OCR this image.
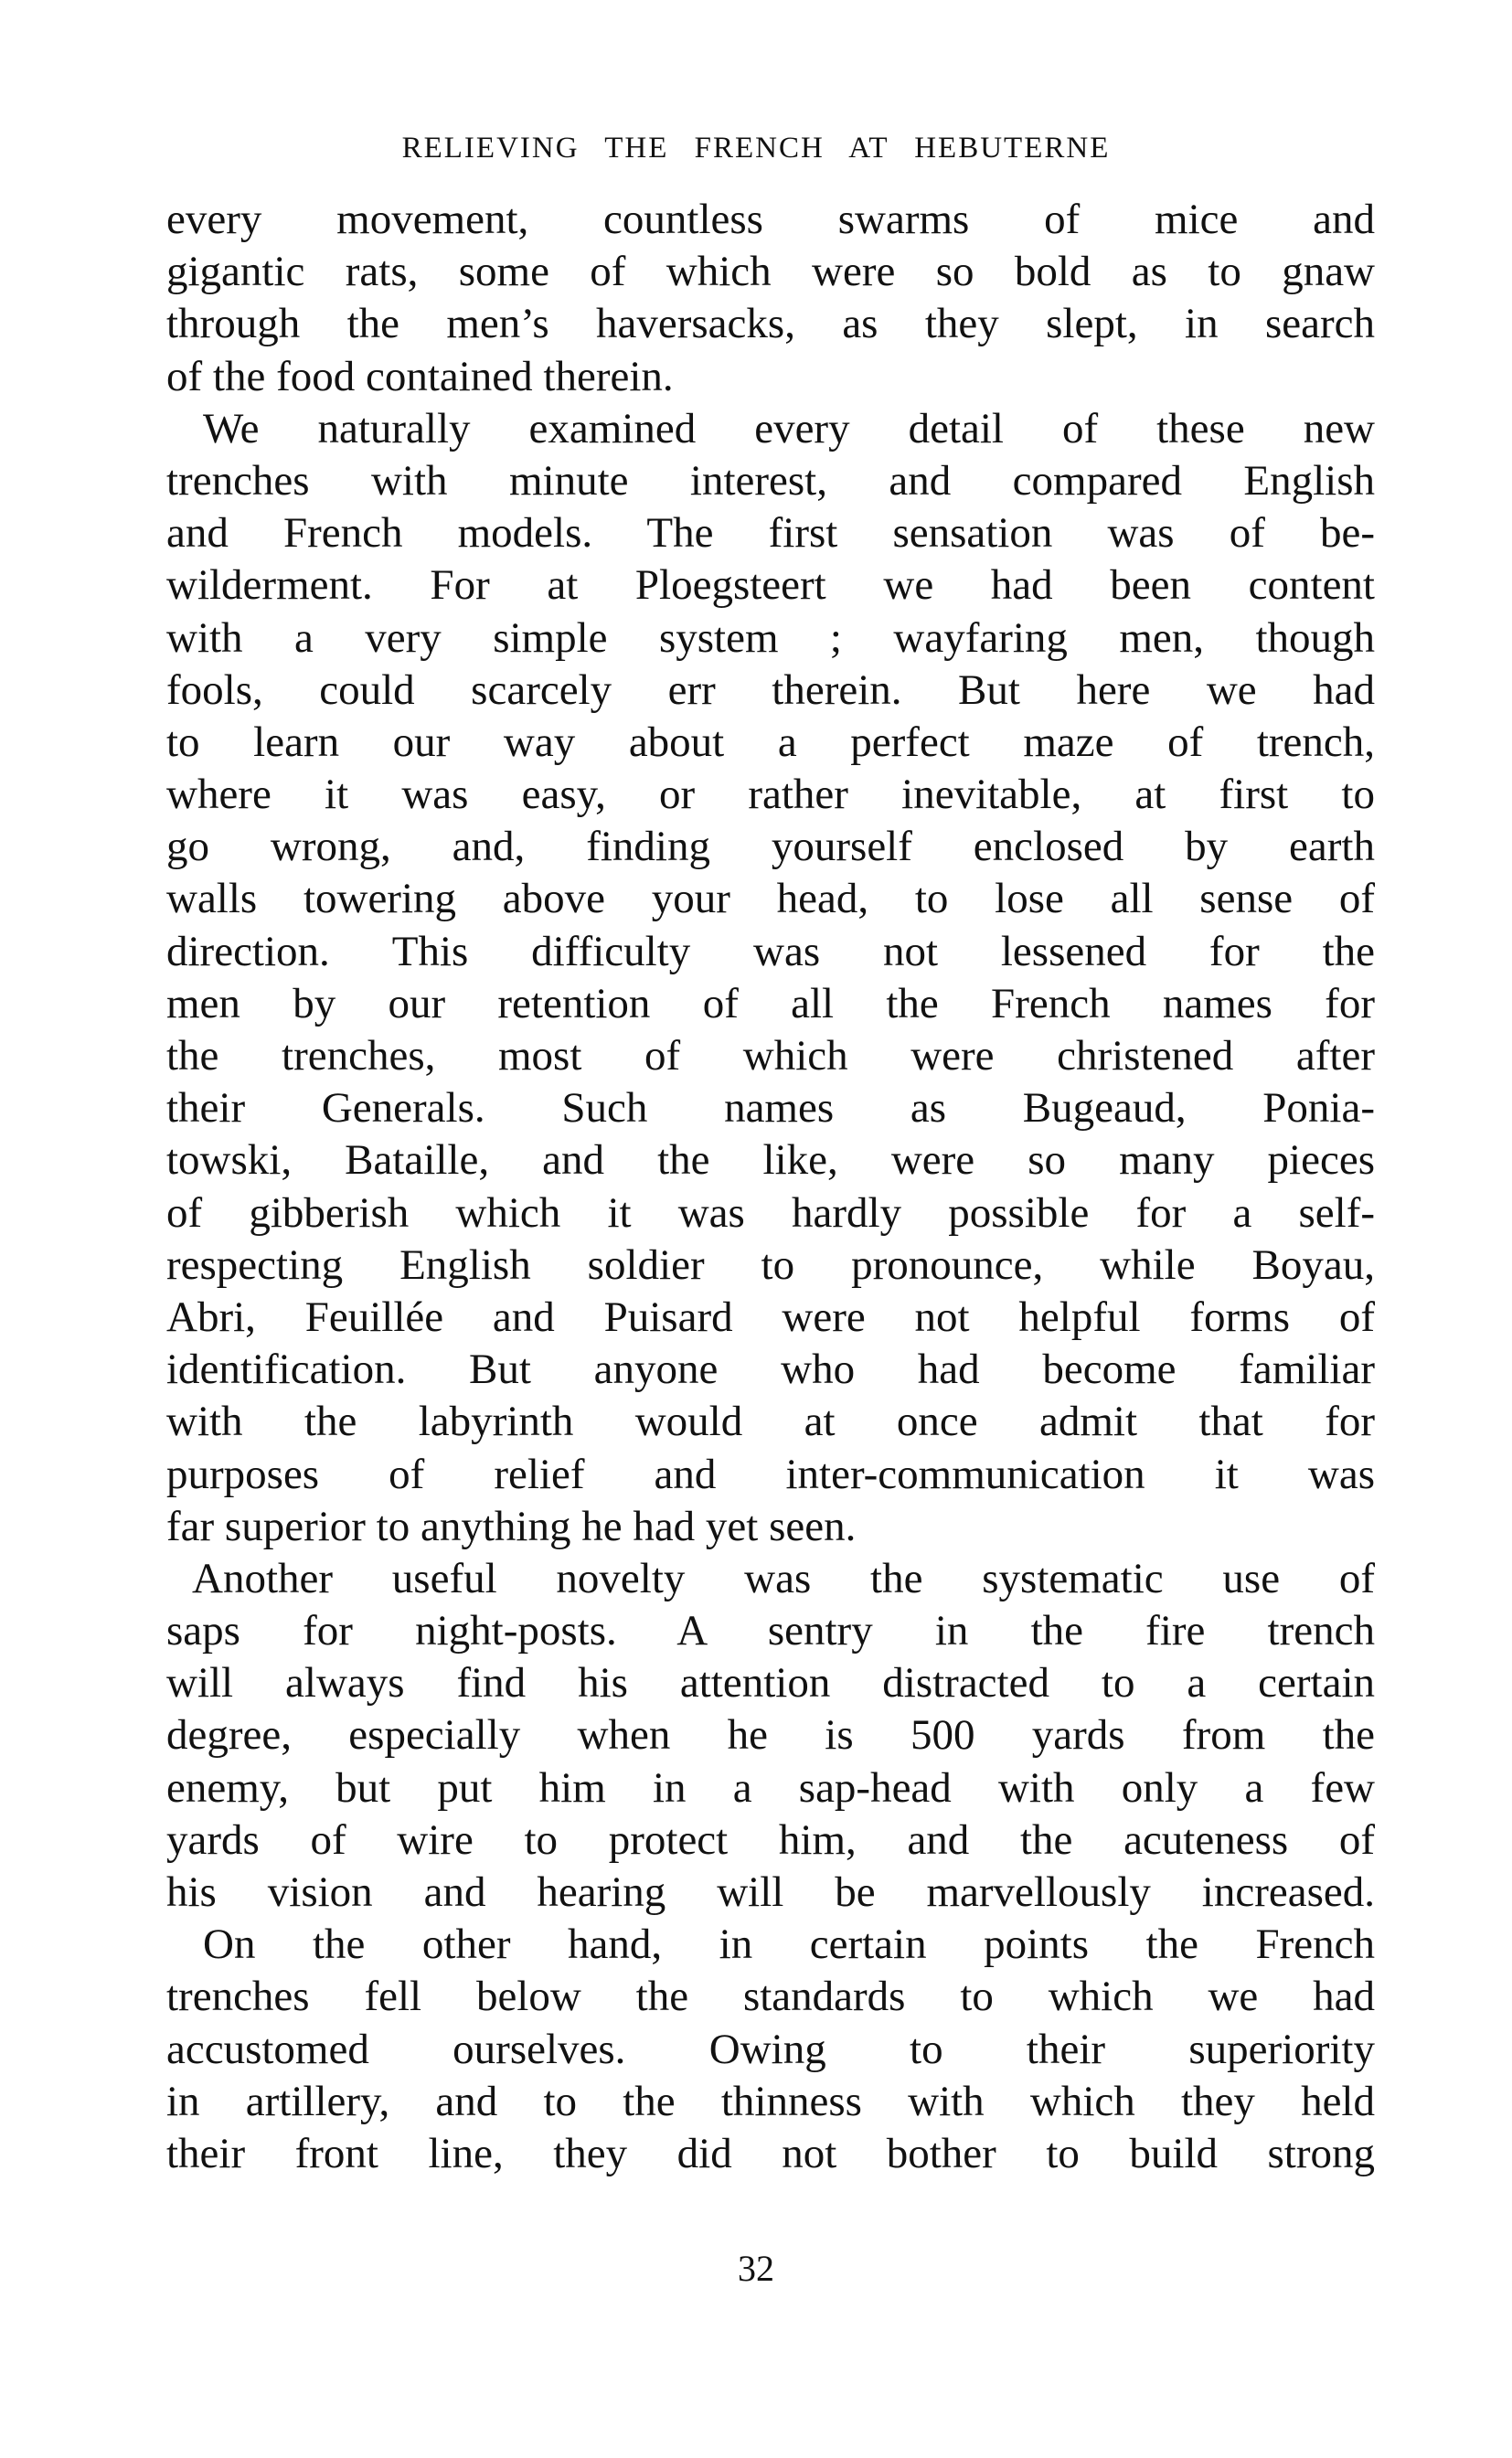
RELIEVING THE FRENCH AT HEBUTERNE
every movement, countless swarms of mice and
gigantic rats, some of which were so bold as to gnaw
through the men’s haversacks, as they slept, in search
of the food contained therein.
We naturally examined every detail of these new
trenches with minute interest, and compared English
and French models. The first sensation was of be-
wilderment. For at Ploegsteert we had been content
with a very simple system ; wayfaring men, though
fools, could scarcely err therein. But here we had
to learn our way about a perfect maze of trench,
where it was easy, or rather inevitable, at first to
go wrong, and, finding yourself enclosed by earth
walls towering above your head, to lose all sense of
direction. This difficulty was not lessened for the
men by our retention of all the French names for
the trenches, most of which were christened after
their Generals. Such names as Bugeaud, Ponia-
towski, Bataille, and the like, were so many pieces
of gibberish which it was hardly possible for a self-
respecting English soldier to pronounce, while Boyau,
Abri, Feuillée and Puisard were not helpful forms of
identification. But anyone who had become familiar
with the labyrinth would at once admit that for
purposes of relief and inter-communication it was
far superior to anything he had yet seen.
Another useful novelty was the systematic use of
saps for night-posts. A sentry in the fire trench
will always find his attention distracted to a certain
degree, especially when he is 500 yards from the
enemy, but put him in a sap-head with only a few
yards of wire to protect him, and the acuteness of
his vision and hearing will be marvellously increased.
On the other hand, in certain points the French
trenches fell below the standards to which we had
accustomed ourselves. Owing to their superiority
in artillery, and to the thinness with which they held
their front line, they did not bother to build strong
32
